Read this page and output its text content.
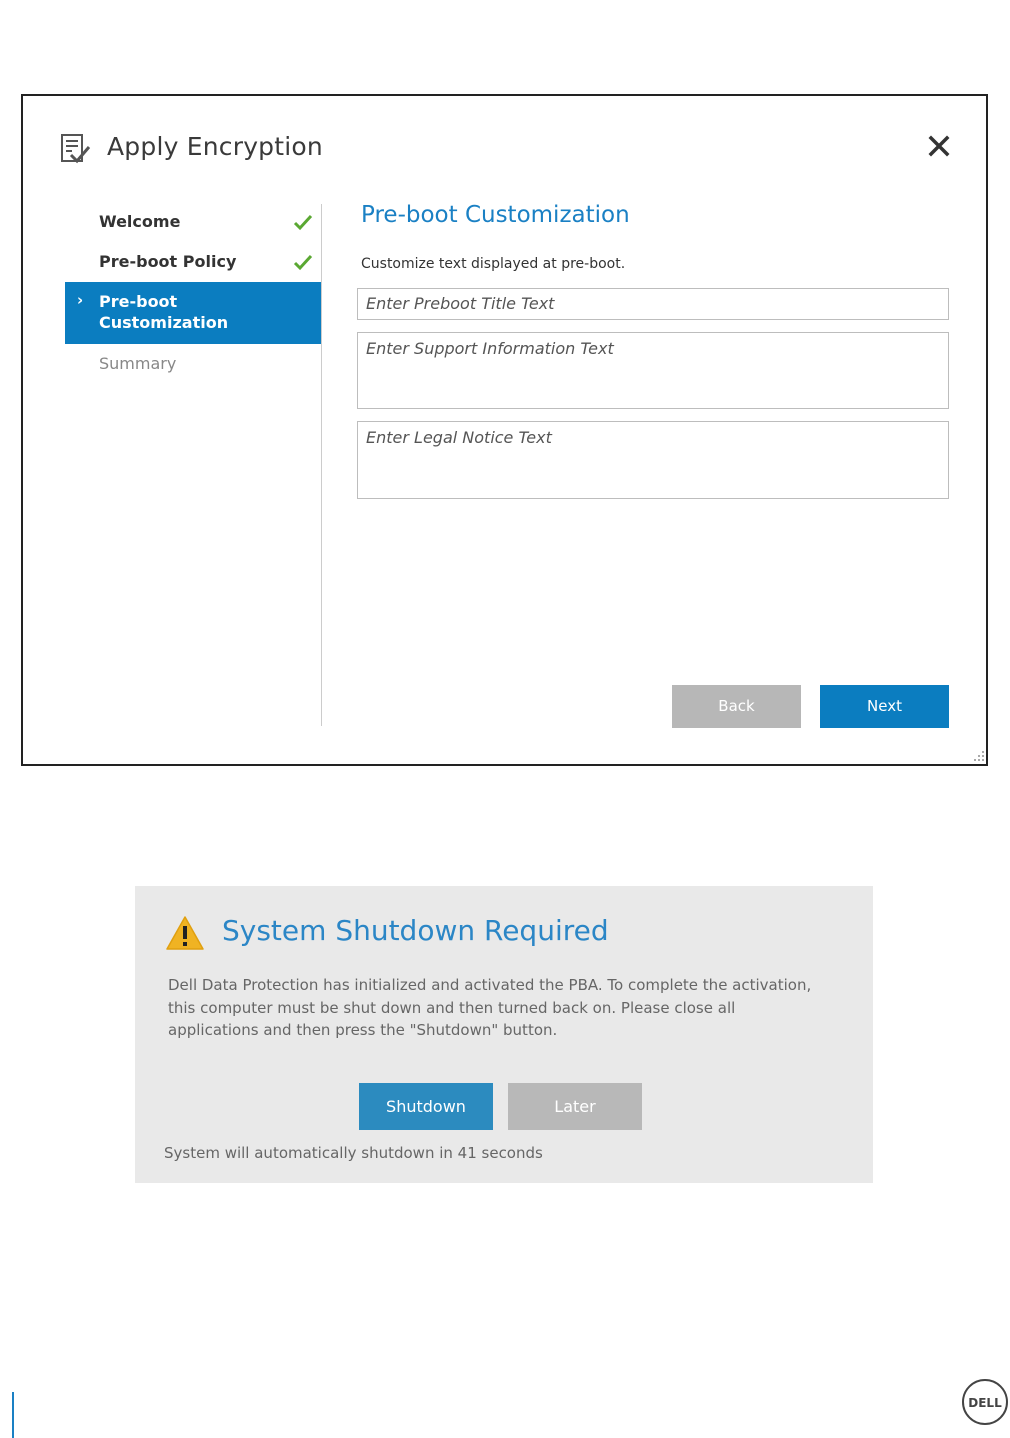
Apply Encryption
Welcome
Pre-boot Policy
› Pre-boot Customization
Summary
Pre-boot Customization
Customize text displayed at pre-boot.
Enter Preboot Title Text
Enter Support Information Text
Enter Legal Notice Text
Back	Next
System Shutdown Required
Dell Data Protection has initialized and activated the PBA. To complete the activation, this computer must be shut down and then turned back on. Please close all applications and then press the "Shutdown" button.
Shutdown	Later
System will automatically shutdown in 41 seconds
DELL
